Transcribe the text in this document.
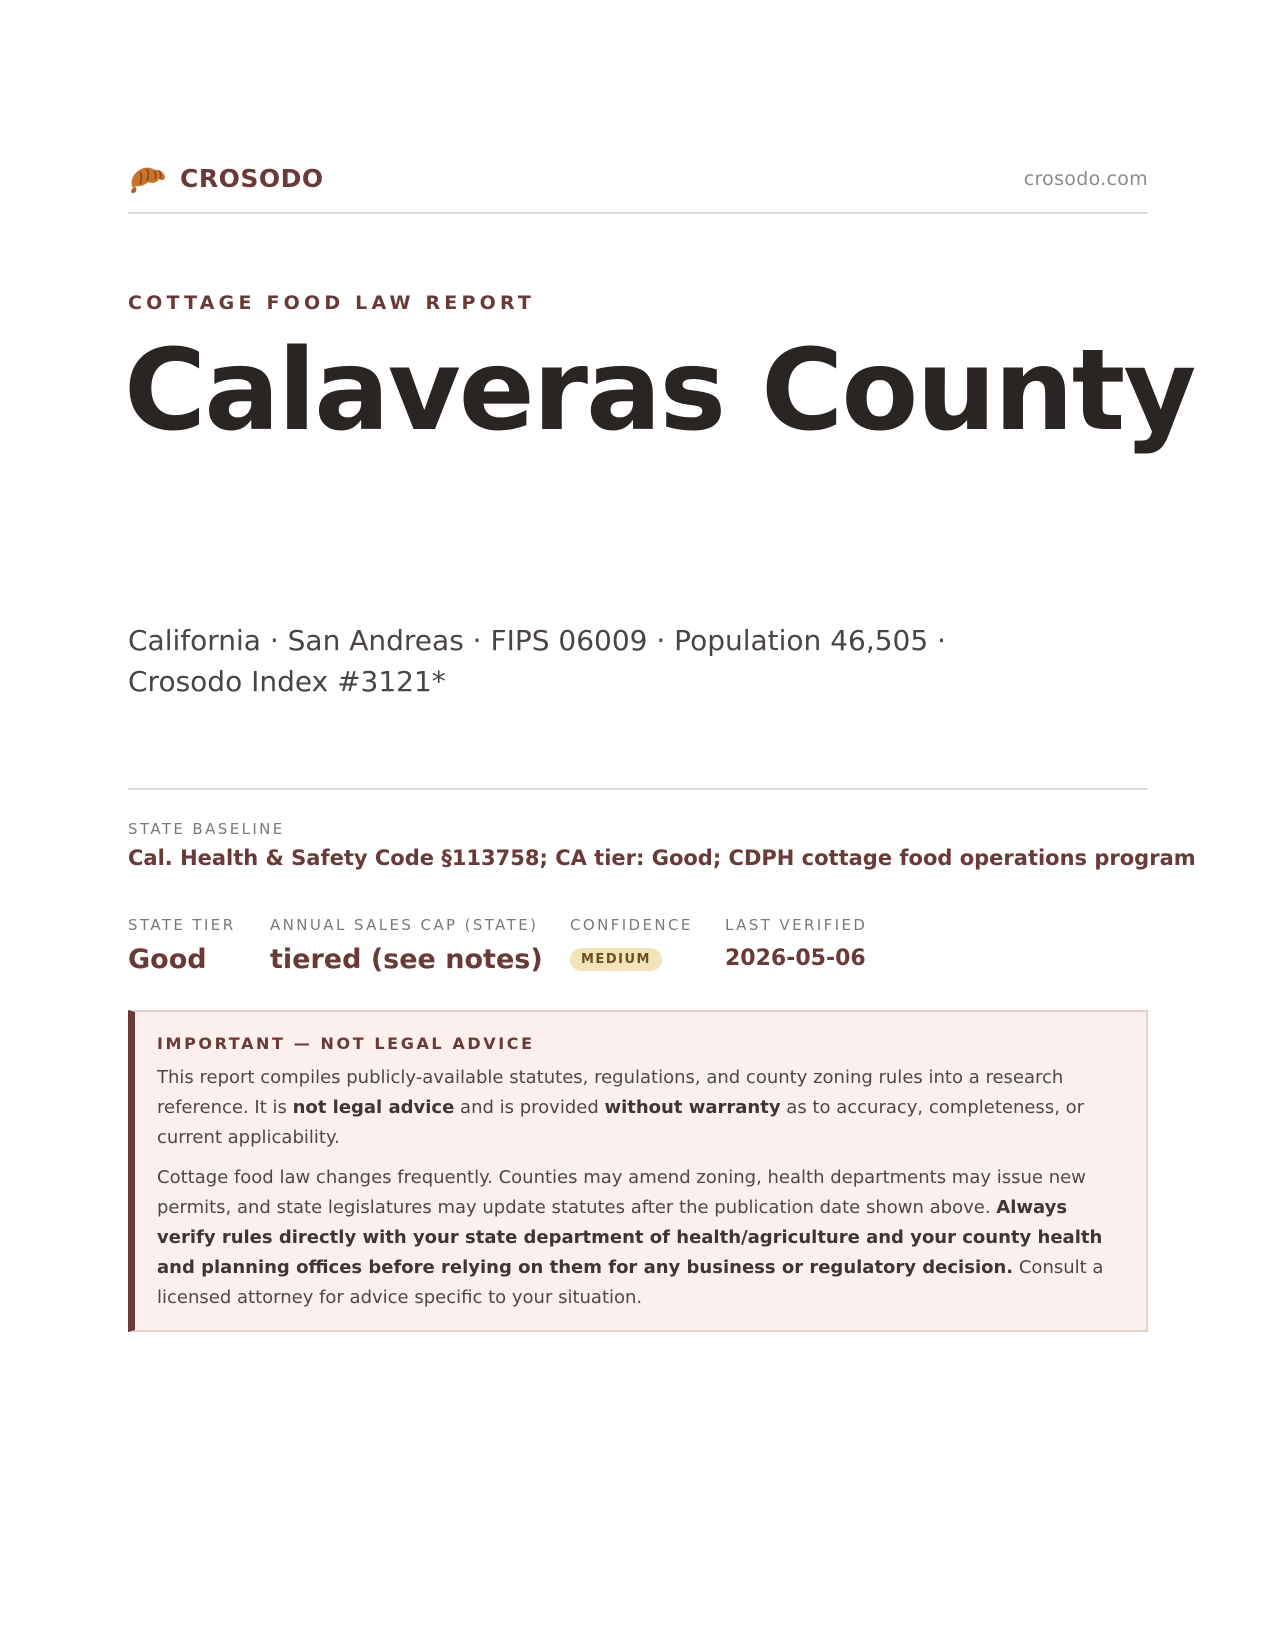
CROSODO	crosodo.com
COTTAGE FOOD LAW REPORT
Calaveras County
California · San Andreas · FIPS 06009 · Population 46,505 ·
Crosodo Index #3121*
STATE BASELINE
Cal. Health & Safety Code §113758; CA tier: Good; CDPH cottage food operations program
STATE TIER
Good
ANNUAL SALES CAP (STATE)
tiered (see notes)
CONFIDENCE
MEDIUM
LAST VERIFIED
2026-05-06
IMPORTANT — NOT LEGAL ADVICE

This report compiles publicly-available statutes, regulations, and county zoning rules into a research reference. It is not legal advice and is provided without warranty as to accuracy, completeness, or current applicability.

Cottage food law changes frequently. Counties may amend zoning, health departments may issue new permits, and state legislatures may update statutes after the publication date shown above. Always verify rules directly with your state department of health/agriculture and your county health and planning offices before relying on them for any business or regulatory decision. Consult a licensed attorney for advice specific to your situation.
